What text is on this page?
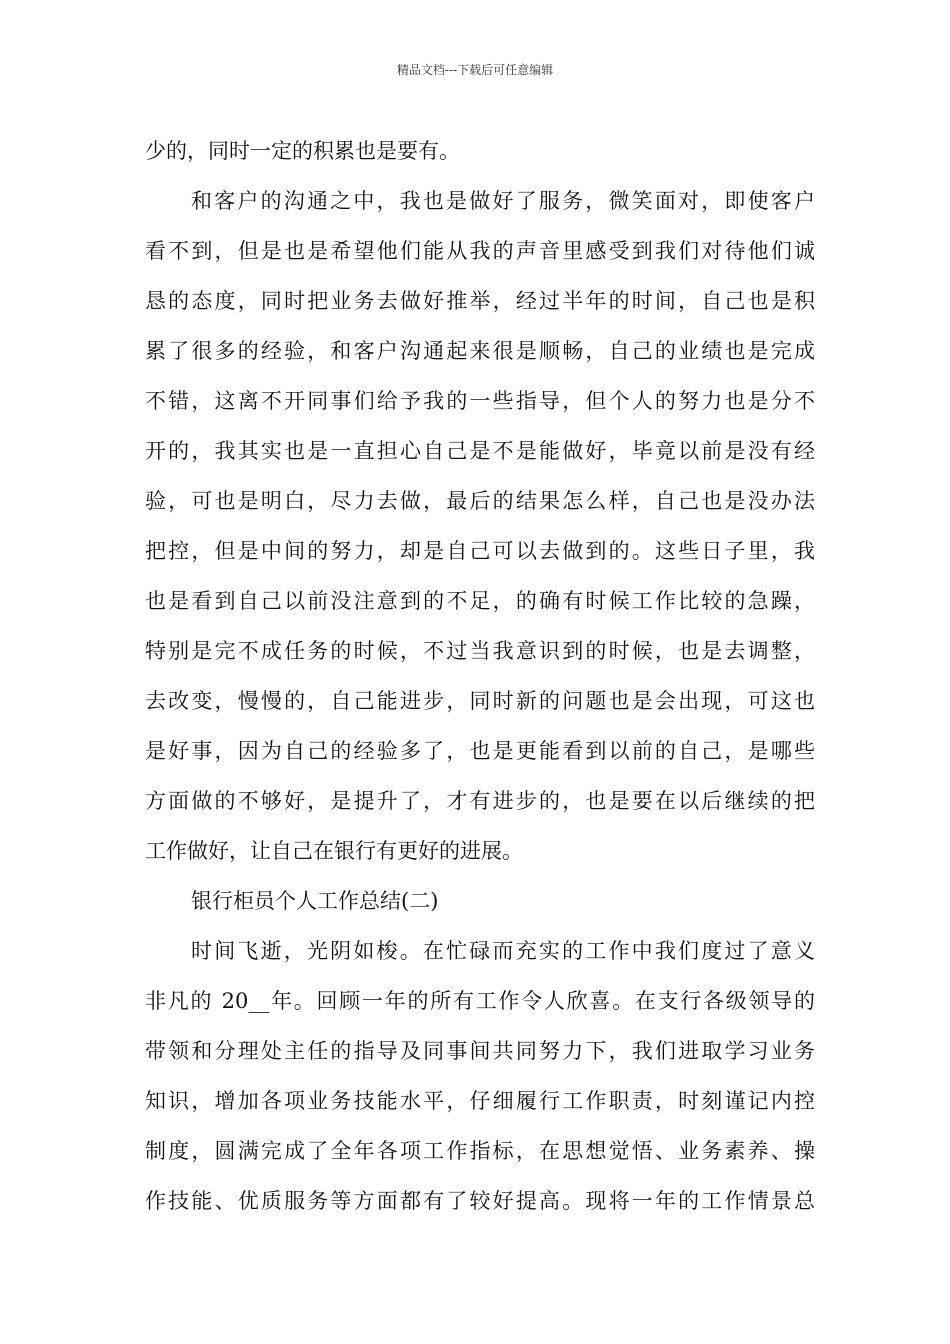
精品文档---下载后可任意编辑
少的，同时一定的积累也是要有。
和客户的沟通之中，我也是做好了服务，微笑面对，即使客户
看不到，但是也是希望他们能从我的声音里感受到我们对待他们诚
恳的态度，同时把业务去做好推举，经过半年的时间，自己也是积
累了很多的经验，和客户沟通起来很是顺畅，自己的业绩也是完成
不错，这离不开同事们给予我的一些指导，但个人的努力也是分不
开的，我其实也是一直担心自己是不是能做好，毕竟以前是没有经
验，可也是明白，尽力去做，最后的结果怎么样，自己也是没办法
把控，但是中间的努力，却是自己可以去做到的。这些日子里，我
也是看到自己以前没注意到的不足，的确有时候工作比较的急躁，
特别是完不成任务的时候，不过当我意识到的时候，也是去调整，
去改变，慢慢的，自己能进步，同时新的问题也是会出现，可这也
是好事，因为自己的经验多了，也是更能看到以前的自己，是哪些
方面做的不够好，是提升了，才有进步的，也是要在以后继续的把
工作做好，让自己在银行有更好的进展。
银行柜员个人工作总结(二)
时间飞逝，光阴如梭。在忙碌而充实的工作中我们度过了意义
非凡的 20__年。回顾一年的所有工作令人欣喜。在支行各级领导的
带领和分理处主任的指导及同事间共同努力下，我们进取学习业务
知识，增加各项业务技能水平，仔细履行工作职责，时刻谨记内控
制度，圆满完成了全年各项工作指标，在思想觉悟、业务素养、操
作技能、优质服务等方面都有了较好提高。现将一年的工作情景总
